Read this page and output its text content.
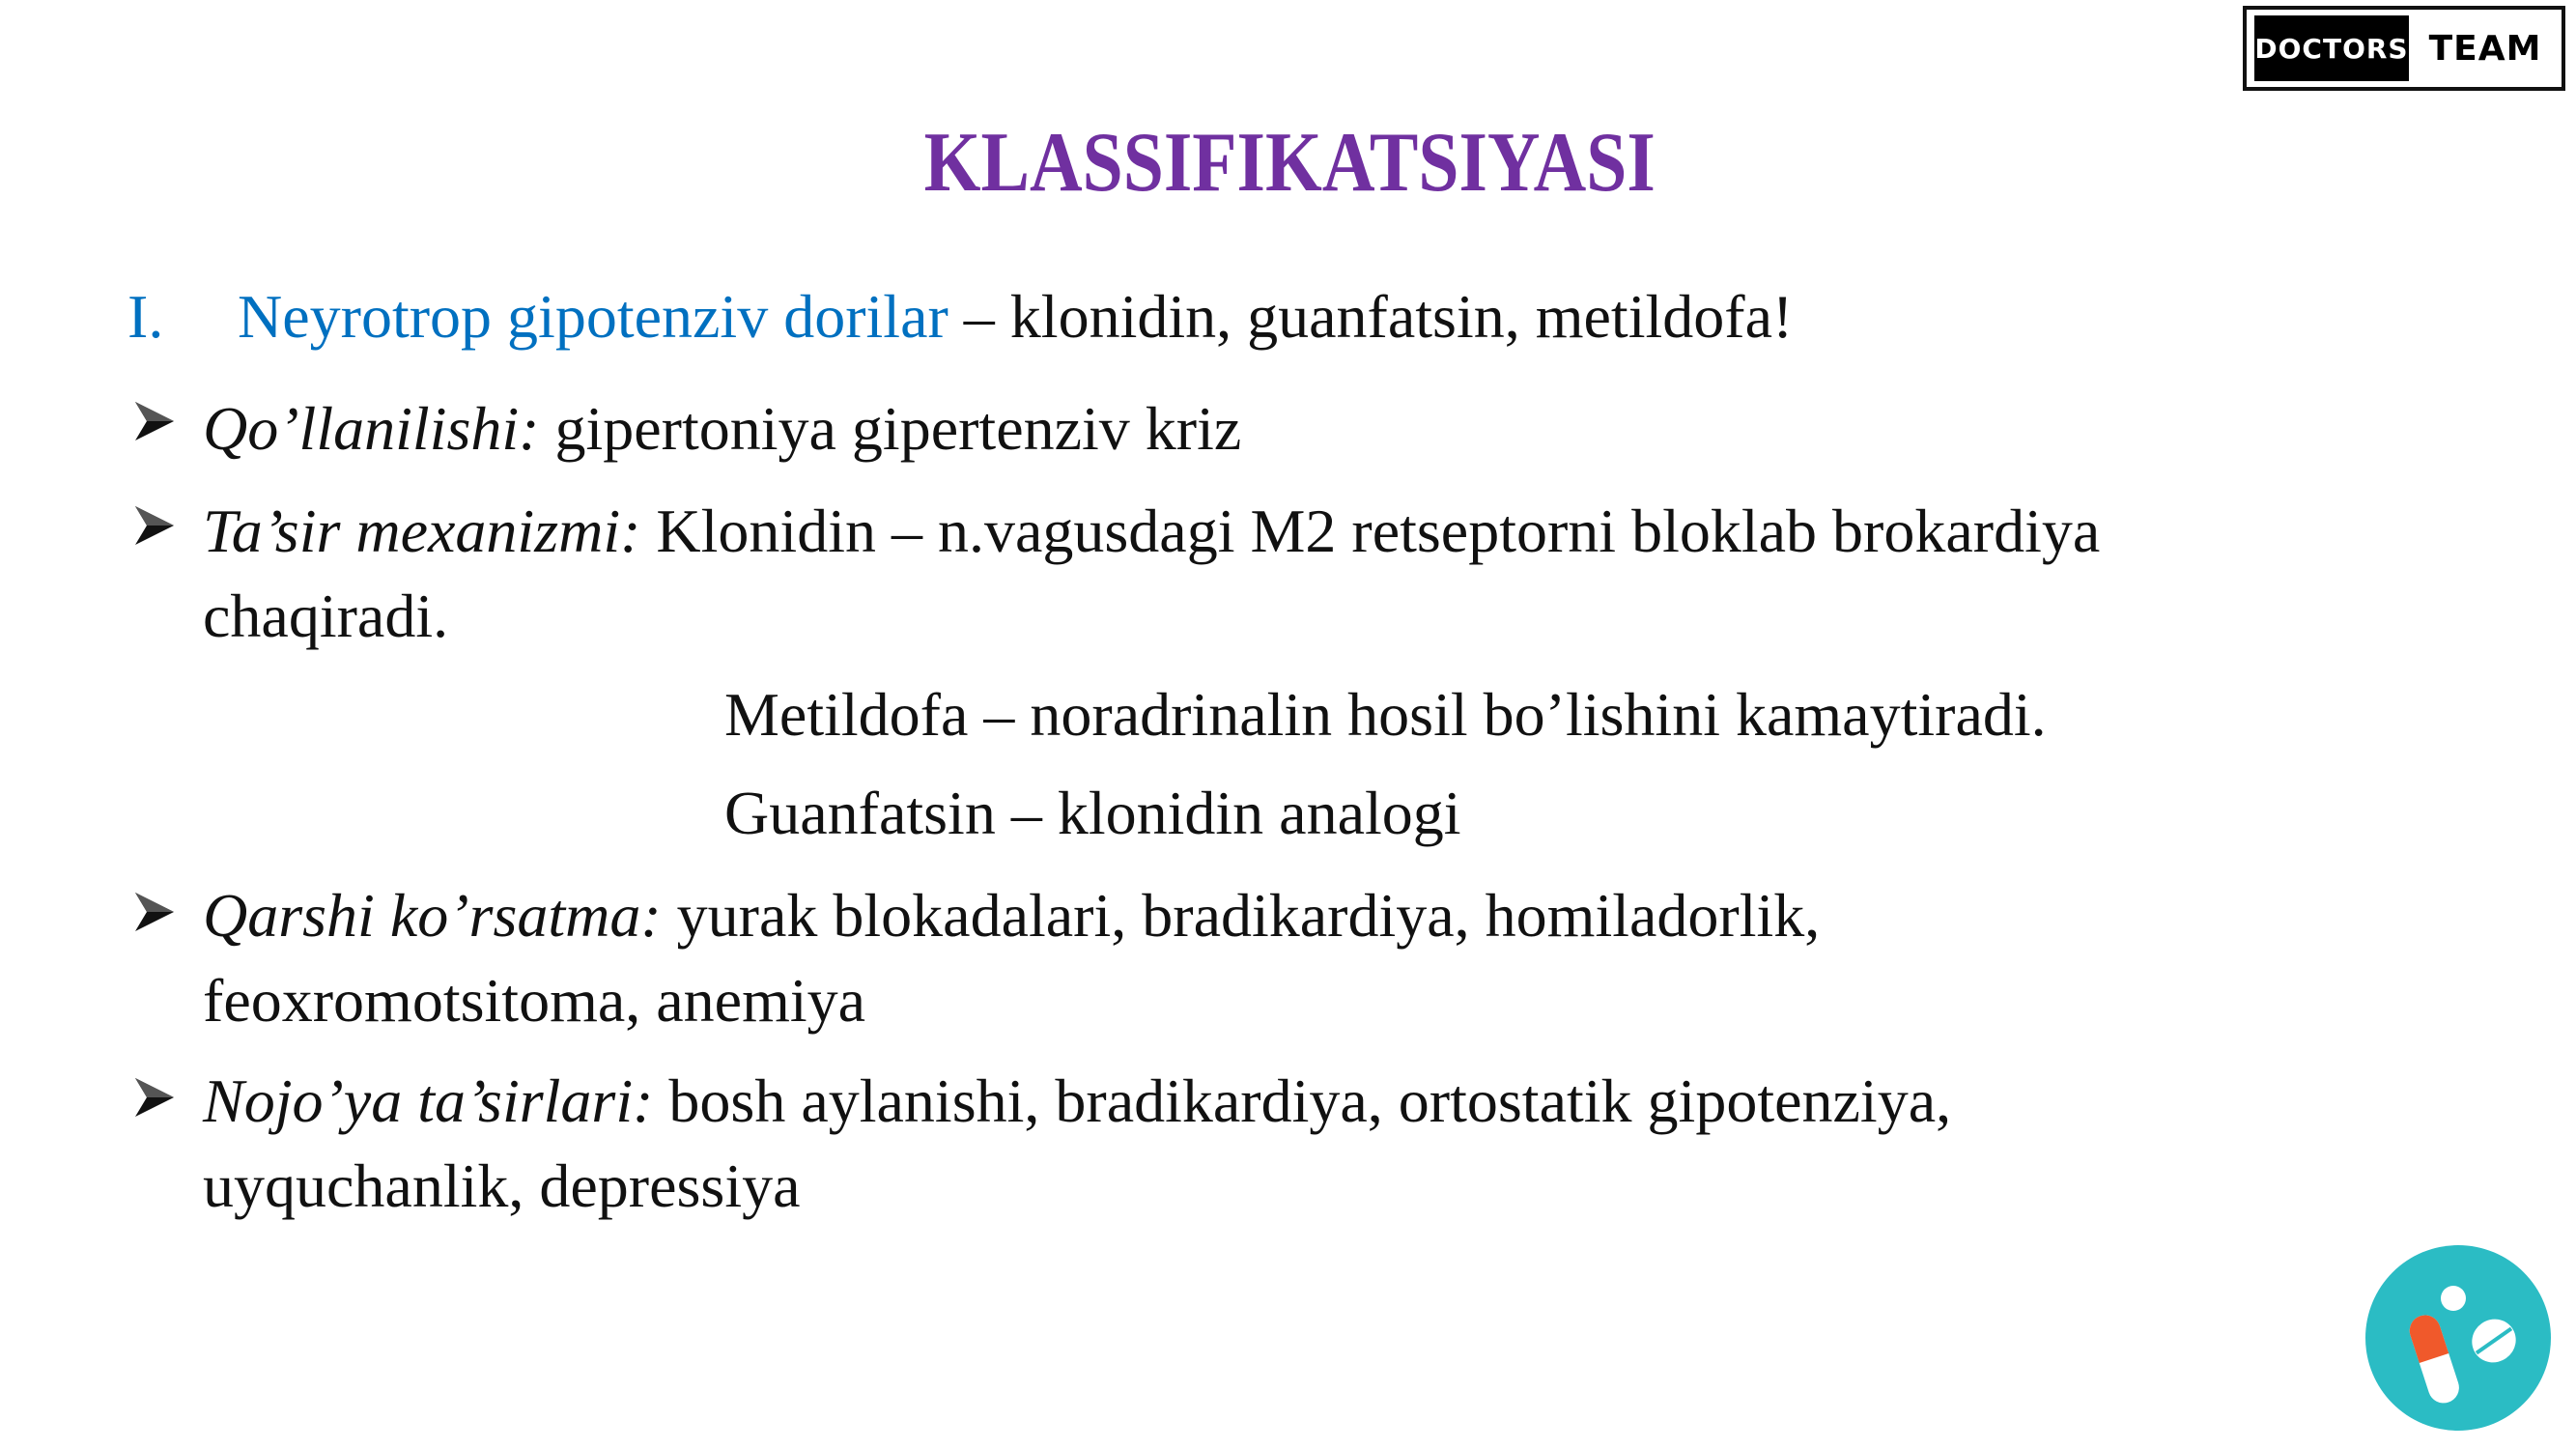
DOCTORS TEAM
KLASSIFIKATSIYASI
I. Neyrotrop gipotenziv dorilar – klonidin, guanfatsin, metildofa!
Qo’llanilishi: gipertoniya gipertenziv kriz
Ta’sir mexanizmi: Klonidin – n.vagusdagi M2 retseptorni bloklab brokardiya
chaqiradi.
Metildofa – noradrinalin hosil bo’lishini kamaytiradi.
Guanfatsin – klonidin analogi
Qarshi ko’rsatma: yurak blokadalari, bradikardiya, homiladorlik,
feoxromotsitoma, anemiya
Nojo’ya ta’sirlari: bosh aylanishi, bradikardiya, ortostatik gipotenziya,
uyquchanlik, depressiya
